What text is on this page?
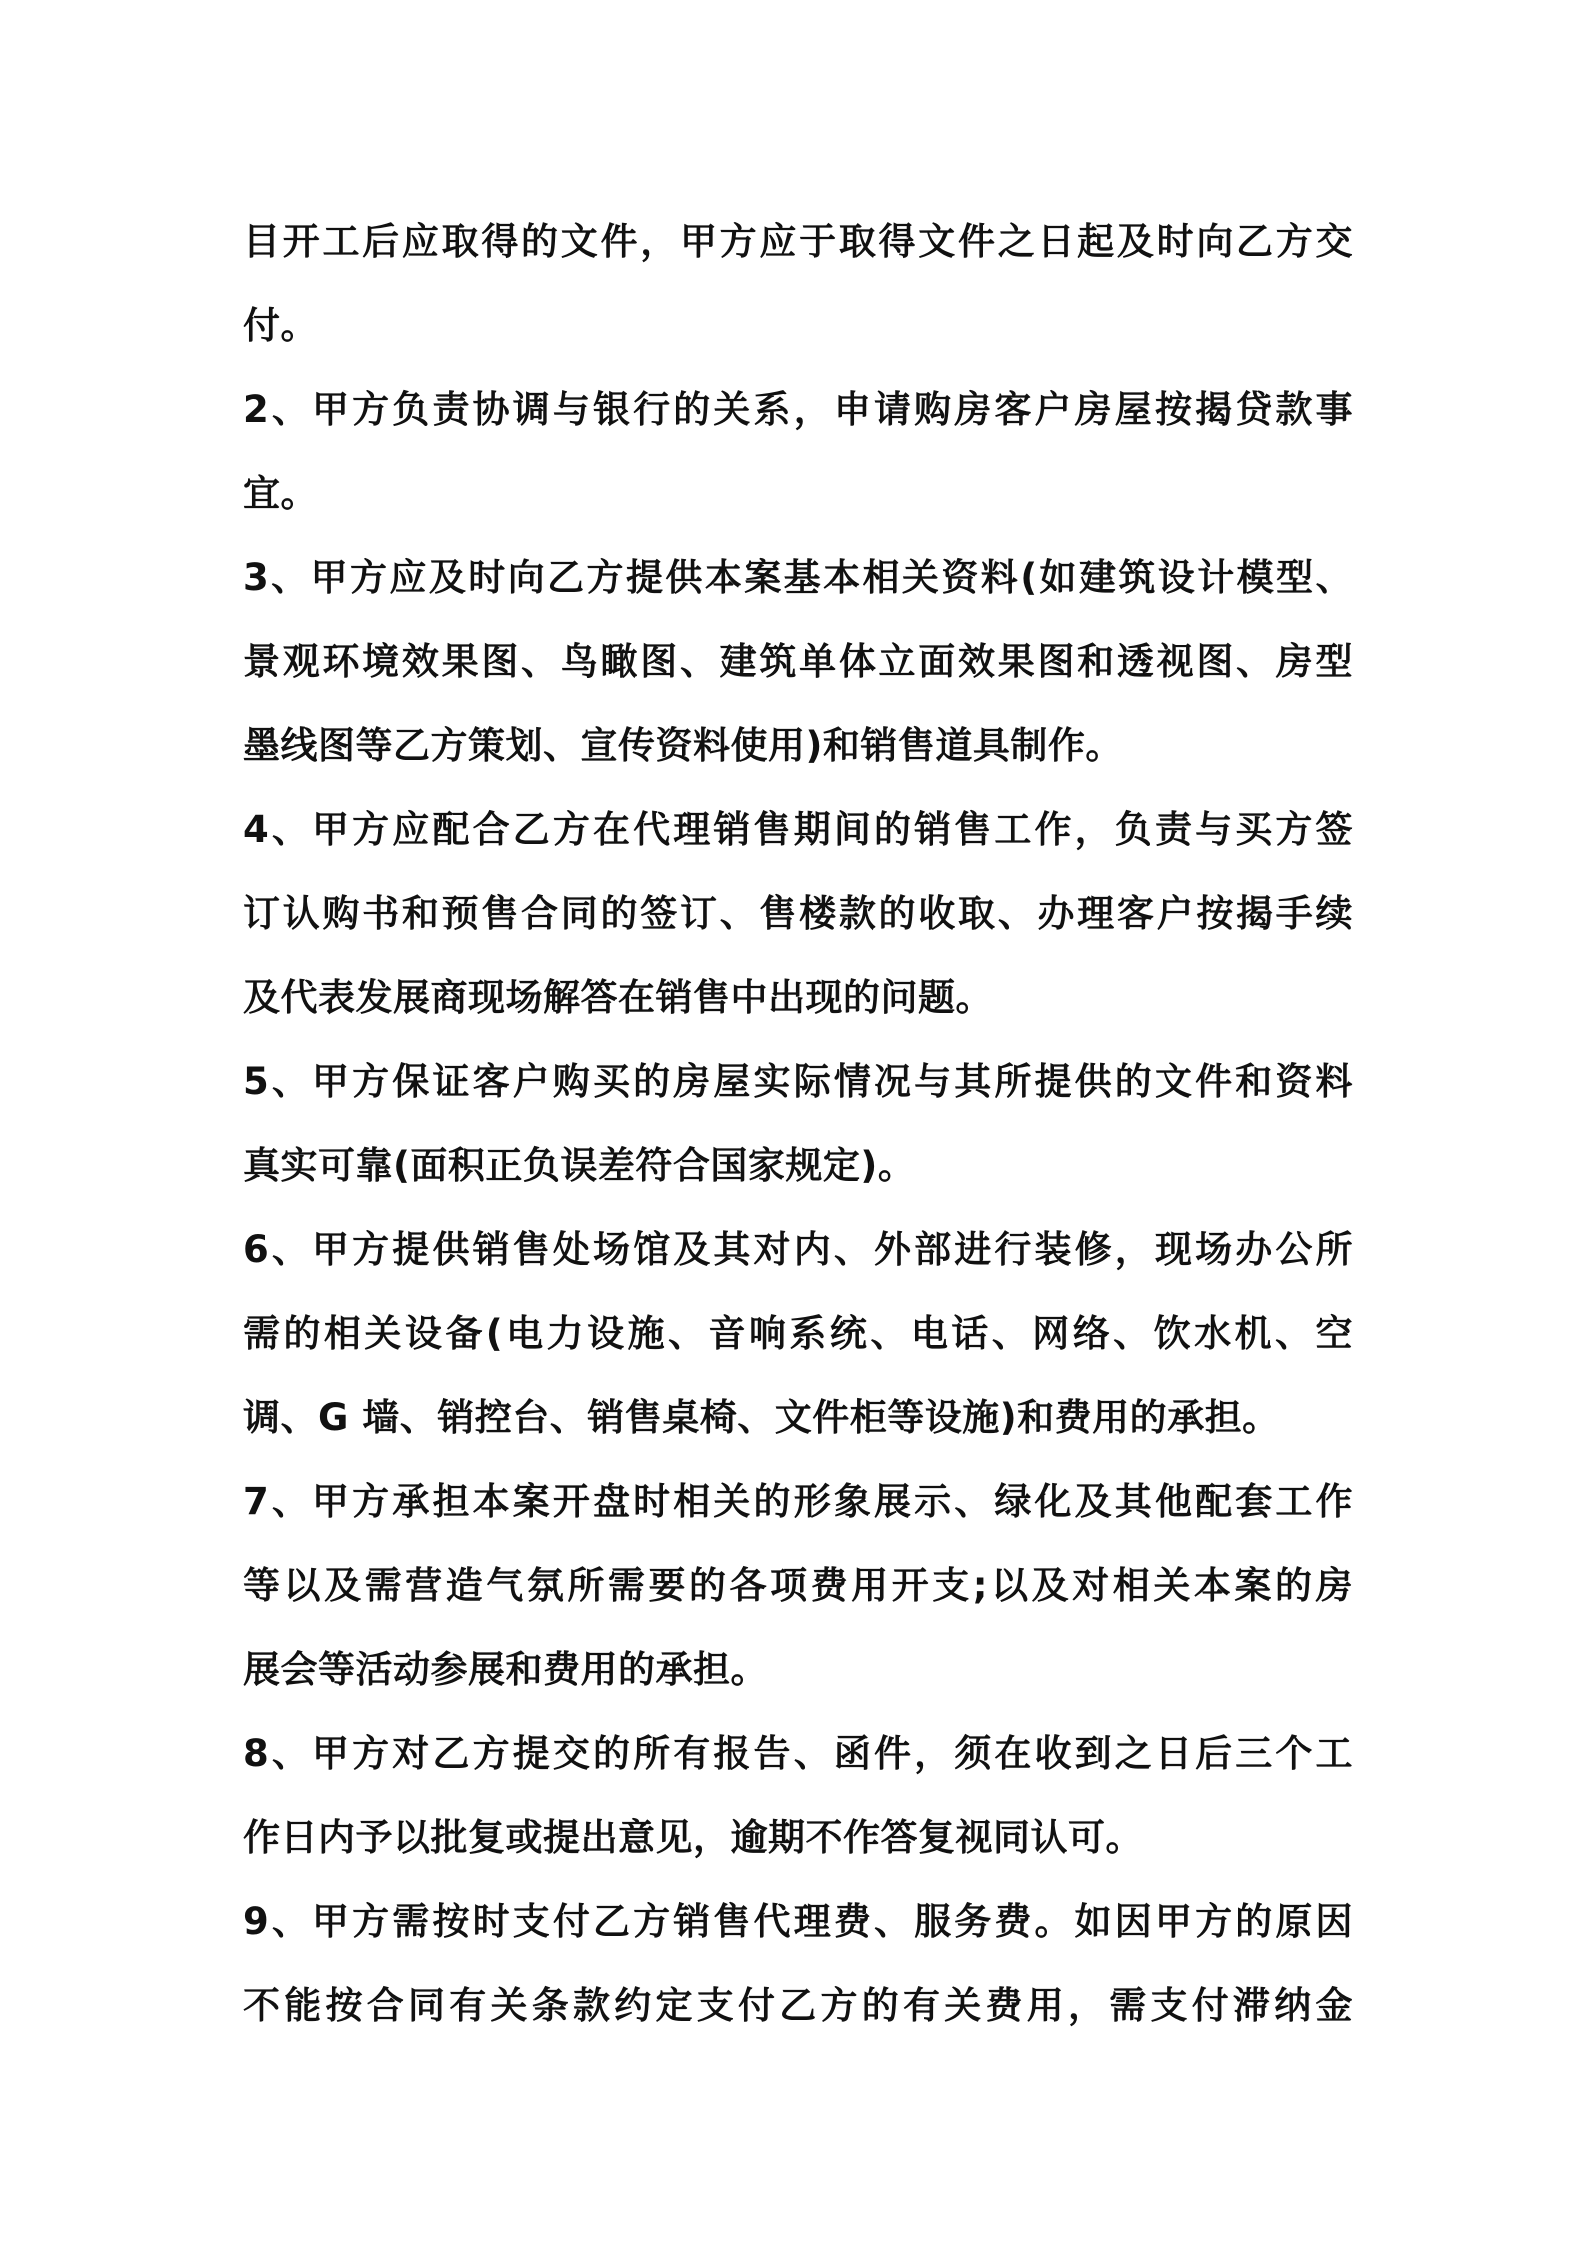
目开工后应取得的文件，甲方应于取得文件之日起及时向乙方交
付。
2、甲方负责协调与银行的关系，申请购房客户房屋按揭贷款事
宜。
3、甲方应及时向乙方提供本案基本相关资料(如建筑设计模型、
景观环境效果图、鸟瞰图、建筑单体立面效果图和透视图、房型
墨线图等乙方策划、宣传资料使用)和销售道具制作。
4、甲方应配合乙方在代理销售期间的销售工作，负责与买方签
订认购书和预售合同的签订、售楼款的收取、办理客户按揭手续
及代表发展商现场解答在销售中出现的问题。
5、甲方保证客户购买的房屋实际情况与其所提供的文件和资料
真实可靠(面积正负误差符合国家规定)。
6、甲方提供销售处场馆及其对内、外部进行装修，现场办公所
需的相关设备(电力设施、音响系统、电话、网络、饮水机、空
调、G 墙、销控台、销售桌椅、文件柜等设施)和费用的承担。
7、甲方承担本案开盘时相关的形象展示、绿化及其他配套工作
等以及需营造气氛所需要的各项费用开支;以及对相关本案的房
展会等活动参展和费用的承担。
8、甲方对乙方提交的所有报告、函件，须在收到之日后三个工
作日内予以批复或提出意见，逾期不作答复视同认可。
9、甲方需按时支付乙方销售代理费、服务费。如因甲方的原因
不能按合同有关条款约定支付乙方的有关费用，需支付滞纳金
